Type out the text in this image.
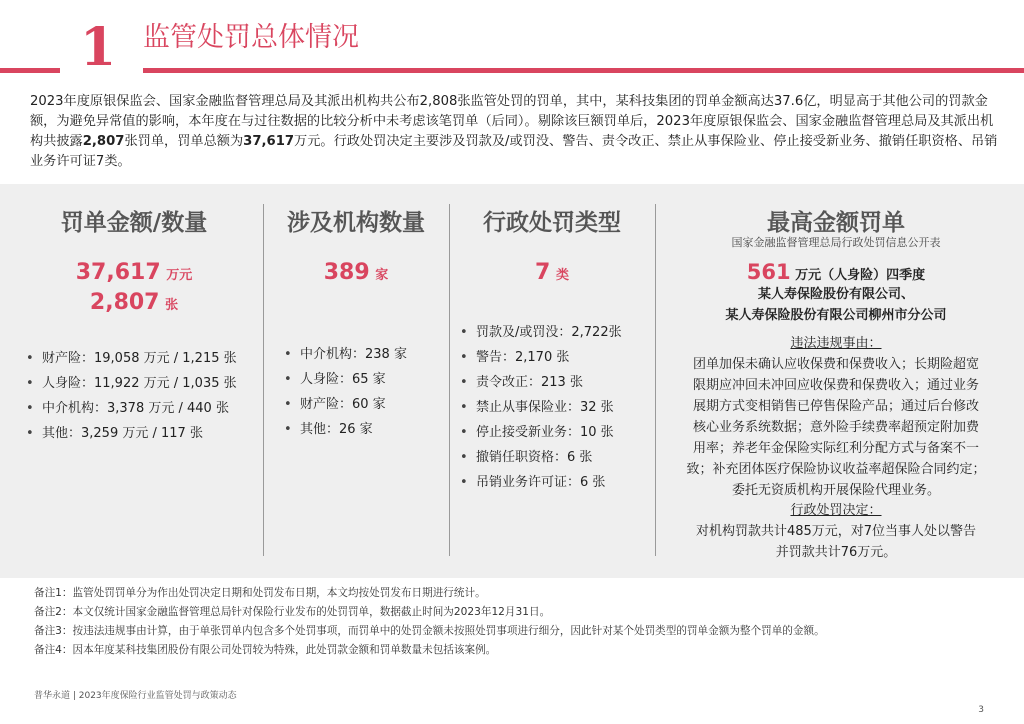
1 监管处罚总体情况

2023年度原银保监会、国家金融监督管理总局及其派出机构共公布2,808张监管处罚的罚单，其中，某科技集团的罚单金额高达37.6亿，明显高于其他公司的罚款金额，为避免异常值的影响，本年度在与过往数据的比较分析中未考虑该笔罚单（后同）。剔除该巨额罚单后，2023年度原银保监会、国家金融监督管理总局及其派出机构共披露2,807张罚单，罚单总额为37,617万元。行政处罚决定主要涉及罚款及/或罚没、警告、责令改正、禁止从事保险业、停止接受新业务、撤销任职资格、吊销业务许可证7类。

罚单金额/数量
37,617 万元
2,807 张
• 财产险：19,058 万元 / 1,215 张
• 人身险：11,922 万元 / 1,035 张
• 中介机构：3,378 万元 / 440 张
• 其他：3,259 万元 / 117 张
涉及机构数量
389 家
• 中介机构：238 家
• 人身险：65 家
• 财产险：60 家
• 其他：26 家
行政处罚类型
7 类
• 罚款及/或罚没：2,722张
• 警告：2,170 张
• 责令改正：213 张
• 禁止从事保险业：32 张
• 停止接受新业务：10 张
• 撤销任职资格：6 张
• 吊销业务许可证：6 张
最高金额罚单
国家金融监督管理总局行政处罚信息公开表
561 万元（人身险）四季度
某人寿保险股份有限公司、
某人寿保险股份有限公司柳州市分公司
违法违规事由：
团单加保未确认应收保费和保费收入；长期险超宽
限期应冲回未冲回应收保费和保费收入；通过业务
展期方式变相销售已停售保险产品；通过后台修改
核心业务系统数据；意外险手续费率超预定附加费
用率；养老年金保险实际红利分配方式与备案不一
致；补充团体医疗保险协议收益率超保险合同约定；
委托无资质机构开展保险代理业务。
行政处罚决定：
对机构罚款共计485万元，对7位当事人处以警告
并罚款共计76万元。
备注1：监管处罚罚单分为作出处罚决定日期和处罚发布日期，本文均按处罚发布日期进行统计。
备注2：本文仅统计国家金融监督管理总局针对保险行业发布的处罚罚单，数据截止时间为2023年12月31日。
备注3：按违法违规事由计算，由于单张罚单内包含多个处罚事项，而罚单中的处罚金额未按照处罚事项进行细分，因此针对某个处罚类型的罚单金额为整个罚单的金额。
备注4：因本年度某科技集团股份有限公司处罚较为特殊，此处罚款金额和罚单数量未包括该案例。
普华永道 | 2023年度保险行业监管处罚与政策动态
3
